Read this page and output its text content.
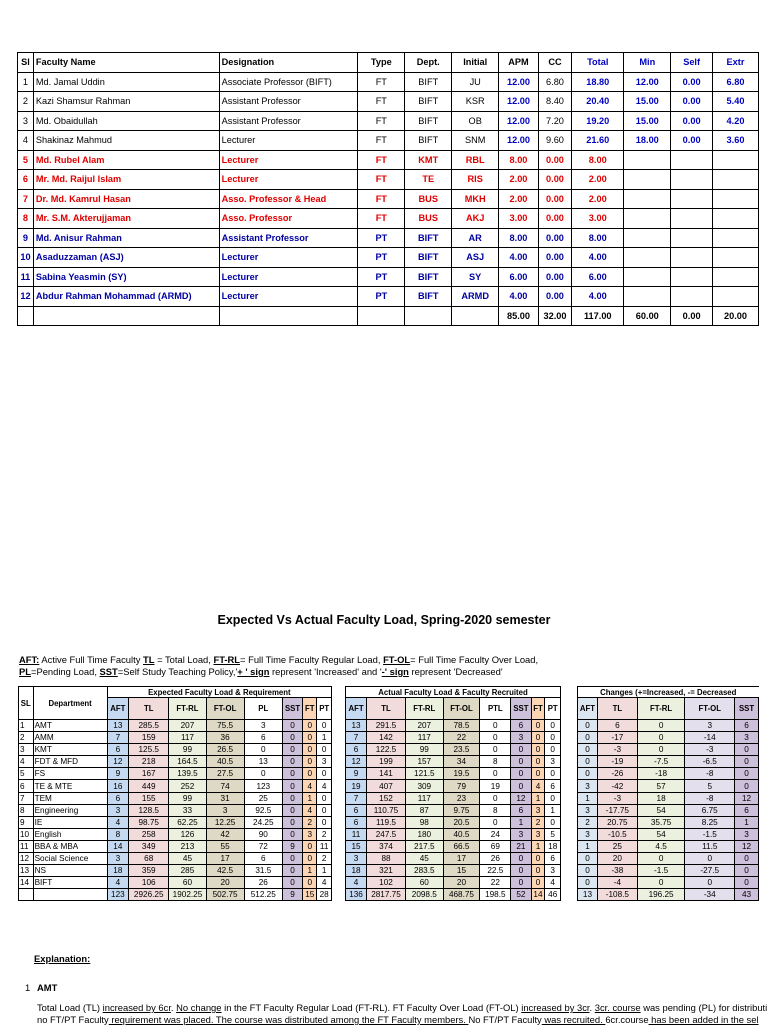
Sl	Faculty Name	Designation	Type	Dept.	Initial	APM	CC	Total	Min	Self	Extr
1	Md. Jamal Uddin	Associate Professor (BIFT)	FT	BIFT	JU	12.00	6.80	18.80	12.00	0.00	6.80
2	Kazi Shamsur Rahman	Assistant Professor	FT	BIFT	KSR	12.00	8.40	20.40	15.00	0.00	5.40
3	Md. Obaidullah	Assistant Professor	FT	BIFT	OB	12.00	7.20	19.20	15.00	0.00	4.20
4	Shakinaz Mahmud	Lecturer	FT	BIFT	SNM	12.00	9.60	21.60	18.00	0.00	3.60
5	Md. Rubel Alam	Lecturer	FT	KMT	RBL	8.00	0.00	8.00			
6	Mr. Md. Raijul Islam	Lecturer	FT	TE	RIS	2.00	0.00	2.00			
7	Dr. Md. Kamrul Hasan	Asso. Professor & Head	FT	BUS	MKH	2.00	0.00	2.00			
8	Mr. S.M. Akterujjaman	Asso. Professor	FT	BUS	AKJ	3.00	0.00	3.00			
9	Md. Anisur Rahman	Assistant Professor	PT	BIFT	AR	8.00	0.00	8.00			
10	Asaduzzaman (ASJ)	Lecturer	PT	BIFT	ASJ	4.00	0.00	4.00			
11	Sabina Yeasmin (SY)	Lecturer	PT	BIFT	SY	6.00	0.00	6.00			
12	Abdur Rahman Mohammad (ARMD)	Lecturer	PT	BIFT	ARMD	4.00	0.00	4.00			
						85.00	32.00	117.00	60.00	0.00	20.00
Expected Vs Actual Faculty Load, Spring-2020 semester
AFT: Active Full Time Faculty TL = Total Load, FT-RL= Full Time Faculty Regular Load, FT-OL= Full Time Faculty Over Load,
PL=Pending Load, SST=Self Study Teaching Policy,'+ ' sign represent 'Increased' and '-' sign represent 'Decreased'
SL	Department	Expected Faculty Load & Requirement							
		AFT	TL	FT-RL	FT-OL	PL	SST	FT	PT
1	AMT	13	285.5	207	75.5	3	0	0	0
2	AMM	7	159	117	36	6	0	0	1
3	KMT	6	125.5	99	26.5	0	0	0	0
4	FDT & MFD	12	218	164.5	40.5	13	0	0	3
5	FS	9	167	139.5	27.5	0	0	0	0
6	TE & MTE	16	449	252	74	123	0	4	4
7	TEM	6	155	99	31	25	0	1	0
8	Engineering	3	128.5	33	3	92.5	0	4	0
9	IE	4	98.75	62.25	12.25	24.25	0	2	0
10	English	8	258	126	42	90	0	3	2
11	BBA & MBA	14	349	213	55	72	9	0	11
12	Social Science	3	68	45	17	6	0	0	2
13	NS	18	359	285	42.5	31.5	0	1	1
14	BIFT	4	106	60	20	26	0	0	4
		123	2926.25	1902.25	502.75	512.25	9	15	28
Actual Faculty Load & Faculty Recruited							
AFT	TL	FT-RL	FT-OL	PTL	SST	FT	PT
13	291.5	207	78.5	0	6	0	0
7	142	117	22	0	3	0	0
6	122.5	99	23.5	0	0	0	0
12	199	157	34	8	0	0	3
9	141	121.5	19.5	0	0	0	0
19	407	309	79	19	0	4	6
7	152	117	23	0	12	1	0
6	110.75	87	9.75	8	6	3	1
6	119.5	98	20.5	0	1	2	0
11	247.5	180	40.5	24	3	3	5
15	374	217.5	66.5	69	21	1	18
3	88	45	17	26	0	0	6
18	321	283.5	15	22.5	0	0	3
4	102	60	20	22	0	0	4
136	2817.75	2098.5	468.75	198.5	52	14	46
Changes (+=Increased, -= Decreased				
AFT	TL	FT-RL	FT-OL	SST
0	6	0	3	6
0	-17	0	-14	3
0	-3	0	-3	0
0	-19	-7.5	-6.5	0
0	-26	-18	-8	0
3	-42	57	5	0
1	-3	18	-8	12
3	-17.75	54	6.75	6
2	20.75	35.75	8.25	1
3	-10.5	54	-1.5	3
1	25	4.5	11.5	12
0	20	0	0	0
0	-38	-1.5	-27.5	0
0	-4	0	0	0
13	-108.5	196.25	-34	43
Explanation:
1 AMT
Total Load (TL) increased by 6cr. No change in the FT Faculty Regular Load (FT-RL). FT Faculty Over Load (FT-OL) increased by 3cr. 3cr. course was pending (PL) for distributi
no FT/PT Faculty requirement was placed. The course was distributed among the FT Faculty members. No FT/PT Faculty was recruited. 6cr.course has been added in the sel
